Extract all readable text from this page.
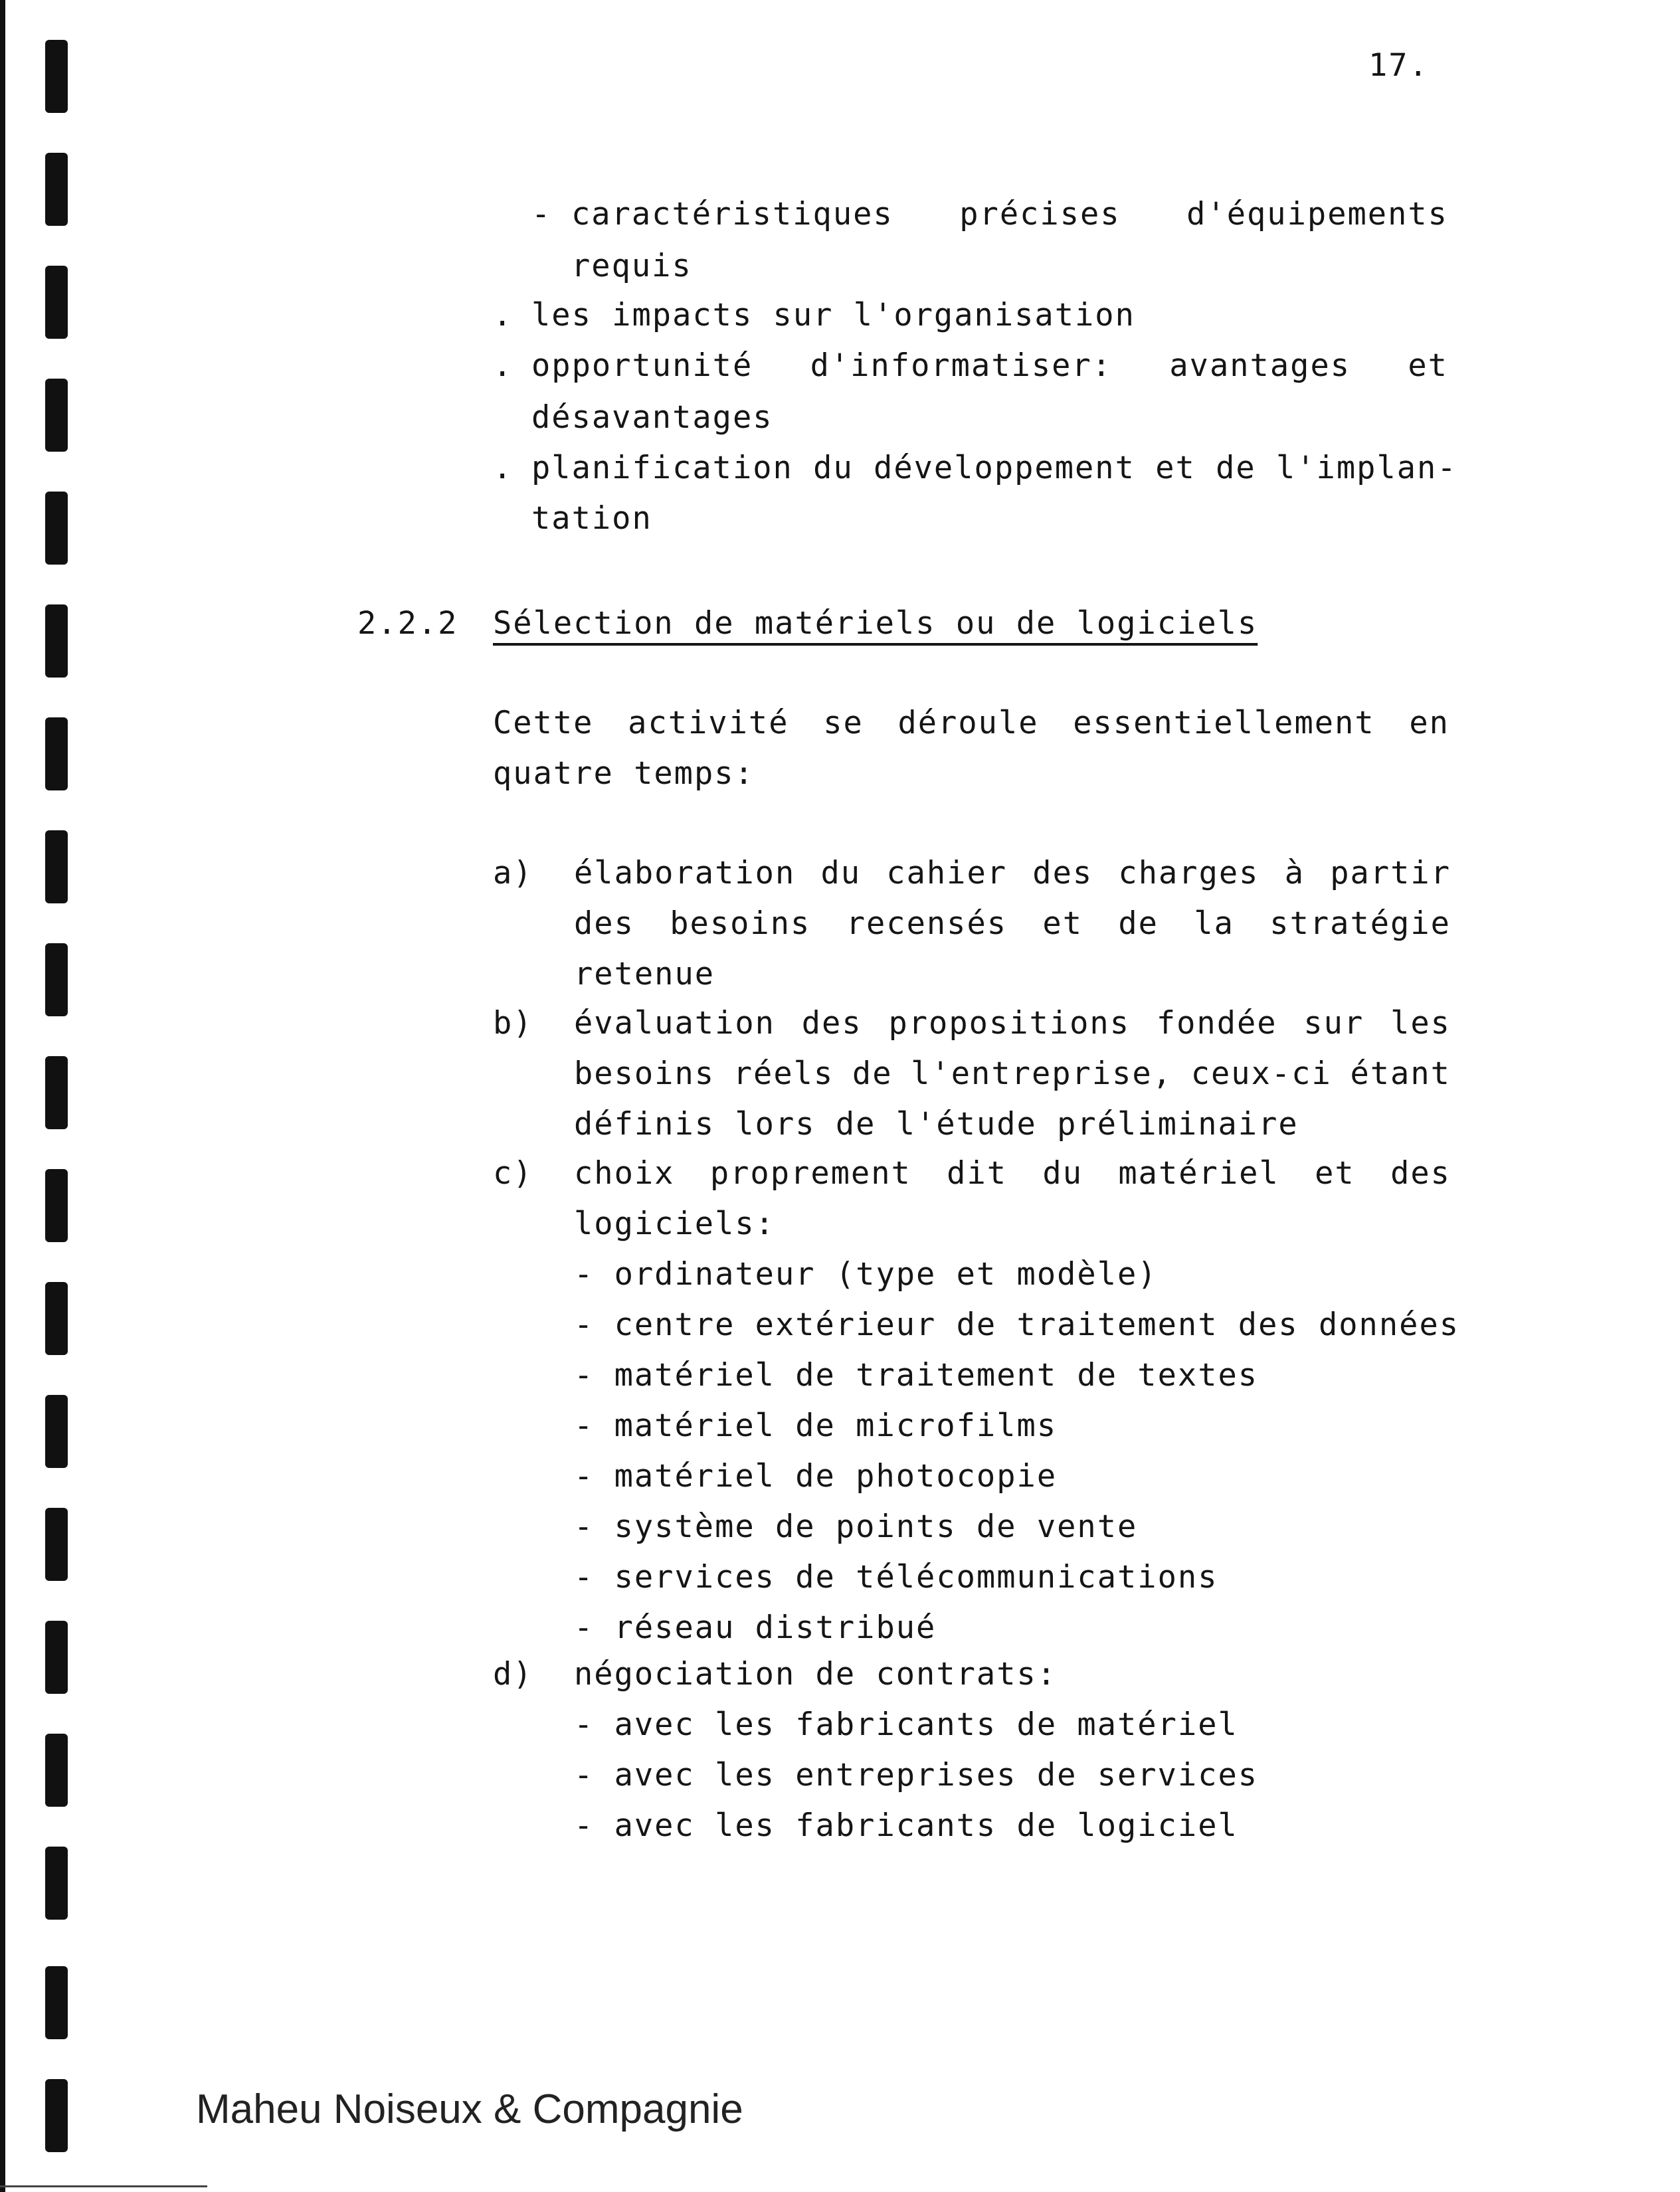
17.
- caractéristiques précises d'équipements
requis
. les impacts sur l'organisation
. opportunité d'informatiser: avantages et
désavantages
. planification du développement et de l'implan-
tation
Cette activité se déroule essentiellement en
quatre temps:
a) élaboration du cahier des charges à partir
des besoins recensés et de la stratégie
retenue
b) évaluation des propositions fondée sur les
besoins réels de l'entreprise, ceux-ci étant
définis lors de l'étude préliminaire
c) choix proprement dit du matériel et des
logiciels:
- ordinateur (type et modèle)
- centre extérieur de traitement des données
- matériel de traitement de textes
- matériel de microfilms
- matériel de photocopie
- système de points de vente
- services de télécommunications
- réseau distribué
d) négociation de contrats:
- avec les fabricants de matériel
- avec les entreprises de services
- avec les fabricants de logiciel
2.2.2 Sélection de matériels ou de logiciels
Maheu Noiseux & Compagnie
